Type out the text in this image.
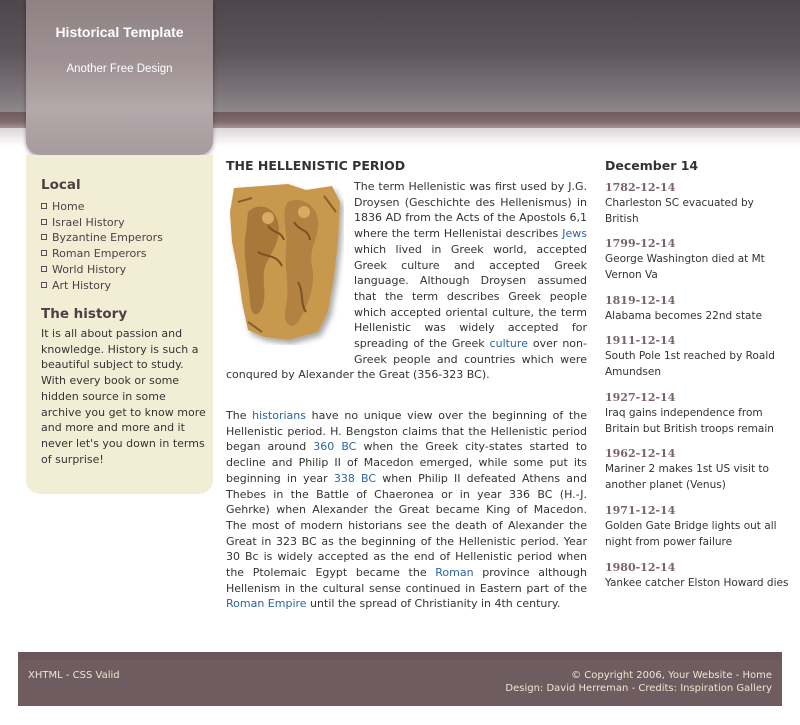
Historical Template
Another Free Design
Local
Home
Israel History
Byzantine Emperors
Roman Emperors
World History
Art History
The history

It is all about passion and knowledge. History is such a beautiful subject to study. With every book or some hidden source in some archive you get to know more and more and more and it never let's you down in terms of surprise!

THE HELLENISTIC PERIOD

The term Hellenistic was first used by J.G. Droysen (Geschichte des Hellenismus) in 1836 AD from the Acts of the Apostols 6,1 where the term Hellenistai describes Jews which lived in Greek world, accepted Greek culture and accepted Greek language. Although Droysen assumed that the term describes Greek people which accepted oriental culture, the term Hellenistic was widely accepted for spreading of the Greek culture over non-Greek people and countries which were conqured by Alexander the Great (356-323 BC).

The historians have no unique view over the beginning of the Hellenistic period. H. Bengston claims that the Hellenistic period began around 360 BC when the Greek city-states started to decline and Philip II of Macedon emerged, while some put its beginning in year 338 BC when Philip II defeated Athens and Thebes in the Battle of Chaeronea or in year 336 BC (H.-J. Gehrke) when Alexander the Great became King of Macedon. The most of modern historians see the death of Alexander the Great in 323 BC as the beginning of the Hellenistic period. Year 30 Bc is widely accepted as the end of Hellenistic period when the Ptolemaic Egypt became the Roman province although Hellenism in the cultural sense continued in Eastern part of the Roman Empire until the spread of Christianity in 4th century.

December 14
1782-12-14

Charleston SC evacuated by British

1799-12-14

George Washington died at Mt Vernon Va

1819-12-14

Alabama becomes 22nd state

1911-12-14

South Pole 1st reached by Roald Amundsen

1927-12-14

Iraq gains independence from Britain but British troops remain

1962-12-14

Mariner 2 makes 1st US visit to another planet (Venus)

1971-12-14

Golden Gate Bridge lights out all night from power failure

1980-12-14

Yankee catcher Elston Howard dies

XHTML - CSS Valid	© Copyright 2006, Your Website - Home
Design: David Herreman - Credits: Inspiration Gallery
